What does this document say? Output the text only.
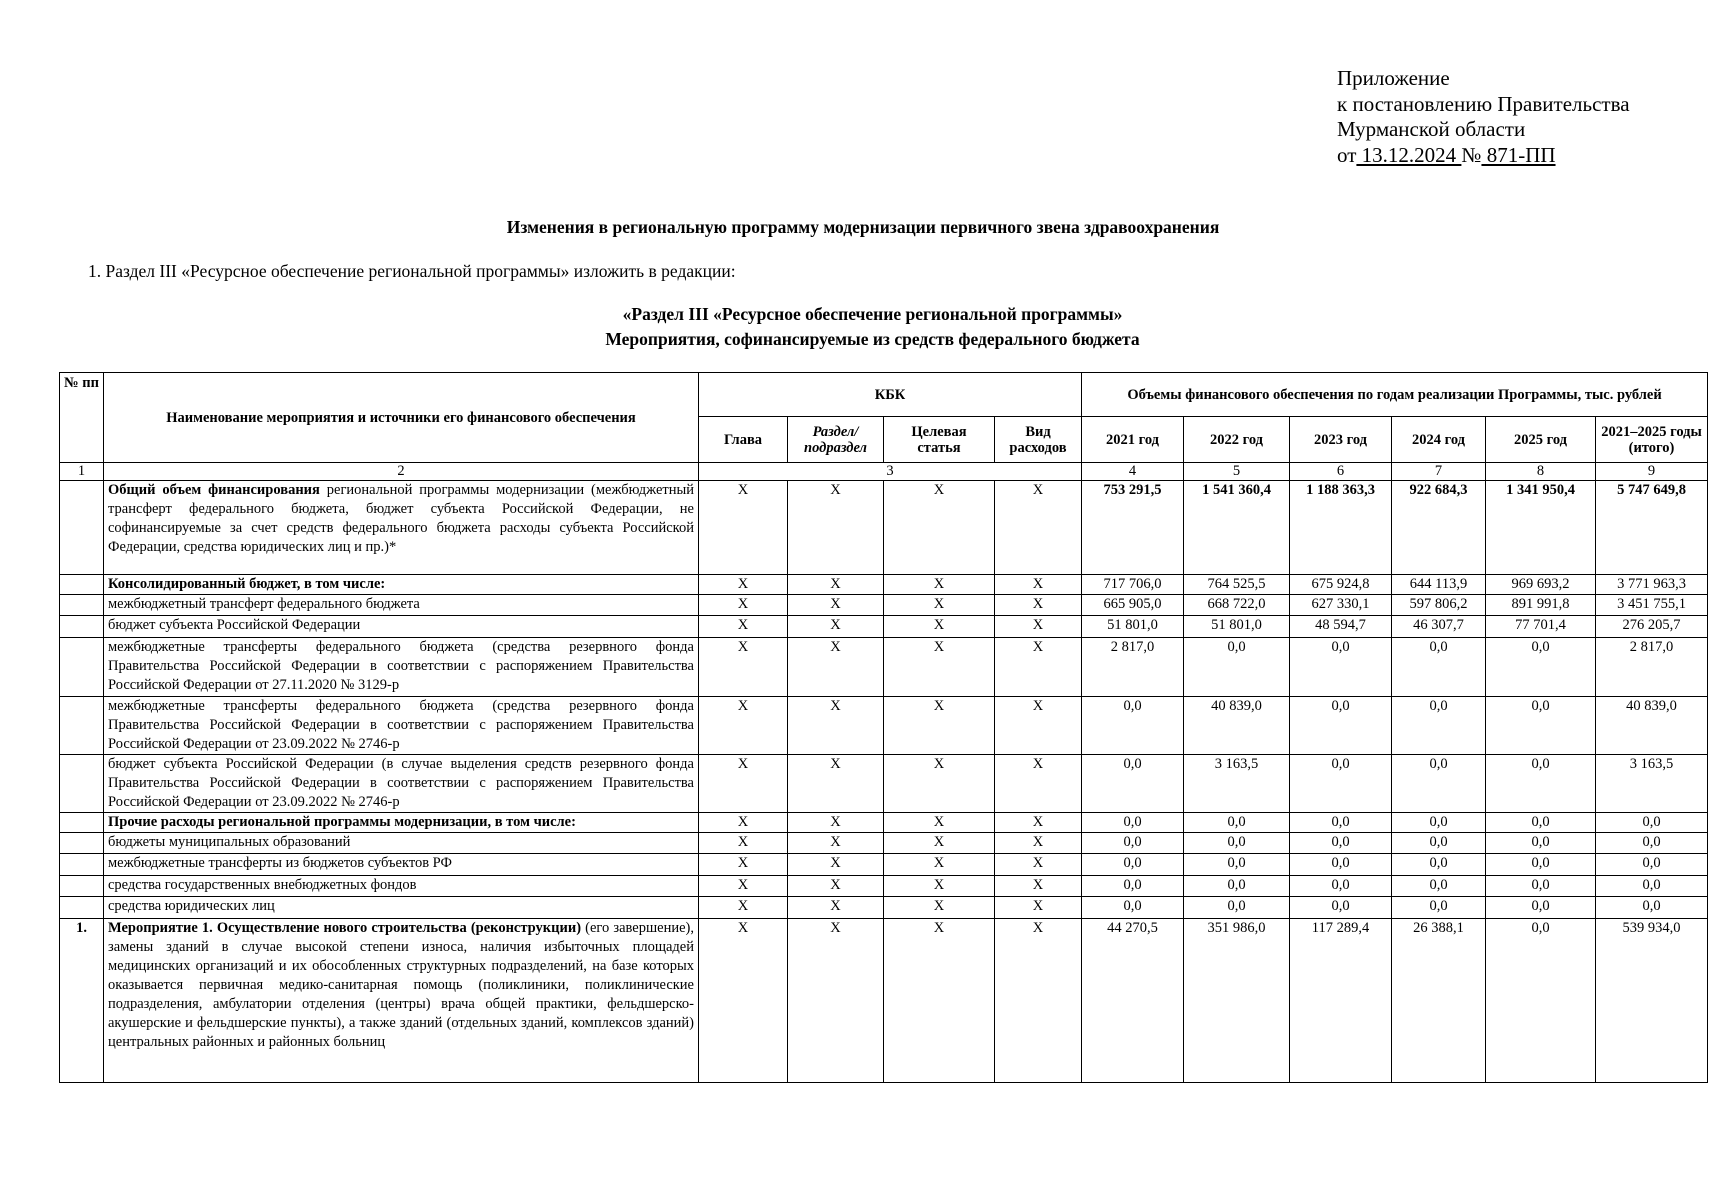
Приложение
к постановлению Правительства
Мурманской области
от 13.12.2024 № 871-ПП
Изменения в региональную программу модернизации первичного звена здравоохранения
1. Раздел III «Ресурсное обеспечение региональной программы» изложить в редакции:
«Раздел III «Ресурсное обеспечение региональной программы»
Мероприятия, софинансируемые из средств федерального бюджета
№ пп	Наименование мероприятия и источники его финансового обеспечения	КБК				Объемы финансового обеспечения по годам реализации Программы, тыс. рублей					
		Глава	Раздел/ подраздел	Целевая статья	Вид расходов	2021 год	2022 год	2023 год	2024 год	2025 год	2021–2025 годы (итого)
1	2	3				4	5	6	7	8	9
	Общий объем финансирования региональной программы модернизации (межбюджетный трансферт федерального бюджета, бюджет субъекта Российской Федерации, не софинансируемые за счет средств федерального бюджета расходы субъекта Российской Федерации, средства юридических лиц и пр.)*	X	X	X	X	753 291,5	1 541 360,4	1 188 363,3	922 684,3	1 341 950,4	5 747 649,8
	Консолидированный бюджет, в том числе:	X	X	X	X	717 706,0	764 525,5	675 924,8	644 113,9	969 693,2	3 771 963,3
	межбюджетный трансферт федерального бюджета	X	X	X	X	665 905,0	668 722,0	627 330,1	597 806,2	891 991,8	3 451 755,1
	бюджет субъекта Российской Федерации	X	X	X	X	51 801,0	51 801,0	48 594,7	46 307,7	77 701,4	276 205,7
	межбюджетные трансферты федерального бюджета (средства резервного фонда Правительства Российской Федерации в соответствии с распоряжением Правительства Российской Федерации от 27.11.2020 № 3129-р	X	X	X	X	2 817,0	0,0	0,0	0,0	0,0	2 817,0
	межбюджетные трансферты федерального бюджета (средства резервного фонда Правительства Российской Федерации в соответствии с распоряжением Правительства Российской Федерации от 23.09.2022 № 2746-р	X	X	X	X	0,0	40 839,0	0,0	0,0	0,0	40 839,0
	бюджет субъекта Российской Федерации (в случае выделения средств резервного фонда Правительства Российской Федерации в соответствии с распоряжением Правительства Российской Федерации от 23.09.2022 № 2746-р	X	X	X	X	0,0	3 163,5	0,0	0,0	0,0	3 163,5
	Прочие расходы региональной программы модернизации, в том числе:	X	X	X	X	0,0	0,0	0,0	0,0	0,0	0,0
	бюджеты муниципальных образований	X	X	X	X	0,0	0,0	0,0	0,0	0,0	0,0
	межбюджетные трансферты из бюджетов субъектов РФ	X	X	X	X	0,0	0,0	0,0	0,0	0,0	0,0
	средства государственных внебюджетных фондов	X	X	X	X	0,0	0,0	0,0	0,0	0,0	0,0
	средства юридических лиц	X	X	X	X	0,0	0,0	0,0	0,0	0,0	0,0
1.	Мероприятие 1. Осуществление нового строительства (реконструкции) (его завершение), замены зданий в случае высокой степени износа, наличия избыточных площадей медицинских организаций и их обособленных структурных подразделений, на базе которых оказывается первичная медико-санитарная помощь (поликлиники, поликлинические подразделения, амбулатории отделения (центры) врача общей практики, фельдшерско-акушерские и фельдшерские пункты), а также зданий (отдельных зданий, комплексов зданий) центральных районных и районных больниц	X	X	X	X	44 270,5	351 986,0	117 289,4	26 388,1	0,0	539 934,0
